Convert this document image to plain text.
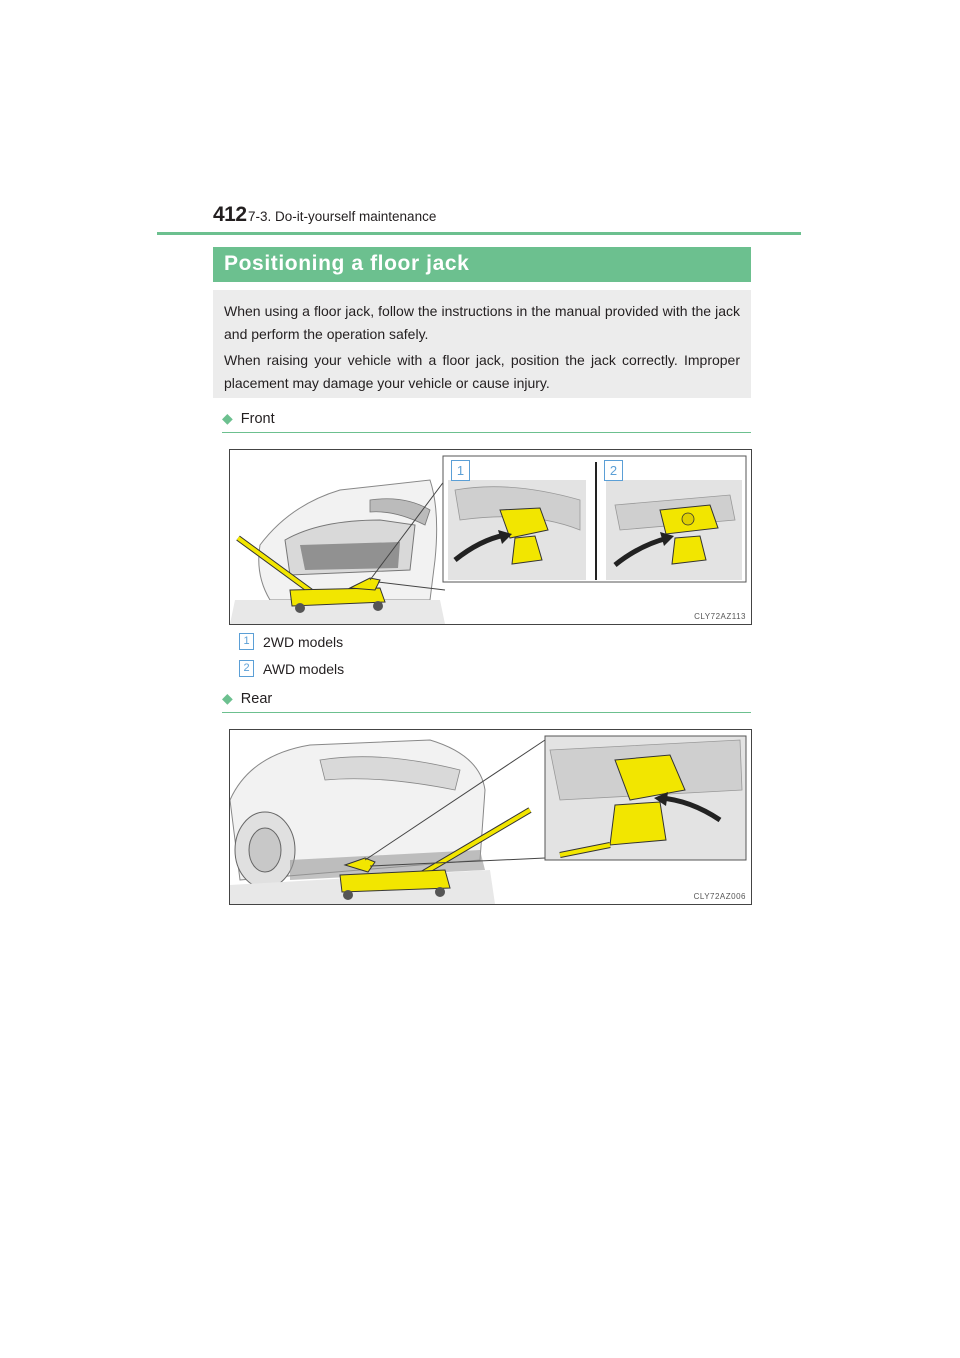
412 7-3. Do-it-yourself maintenance
Positioning a floor jack

When using a floor jack, follow the instructions in the manual provided with the jack and perform the operation safely.

When raising your vehicle with a floor jack, position the jack correctly. Improper placement may damage your vehicle or cause injury.

◆ Front
1	2
CLY72AZ113
1 2WD models
2 AWD models
◆ Rear
CLY72AZ006
